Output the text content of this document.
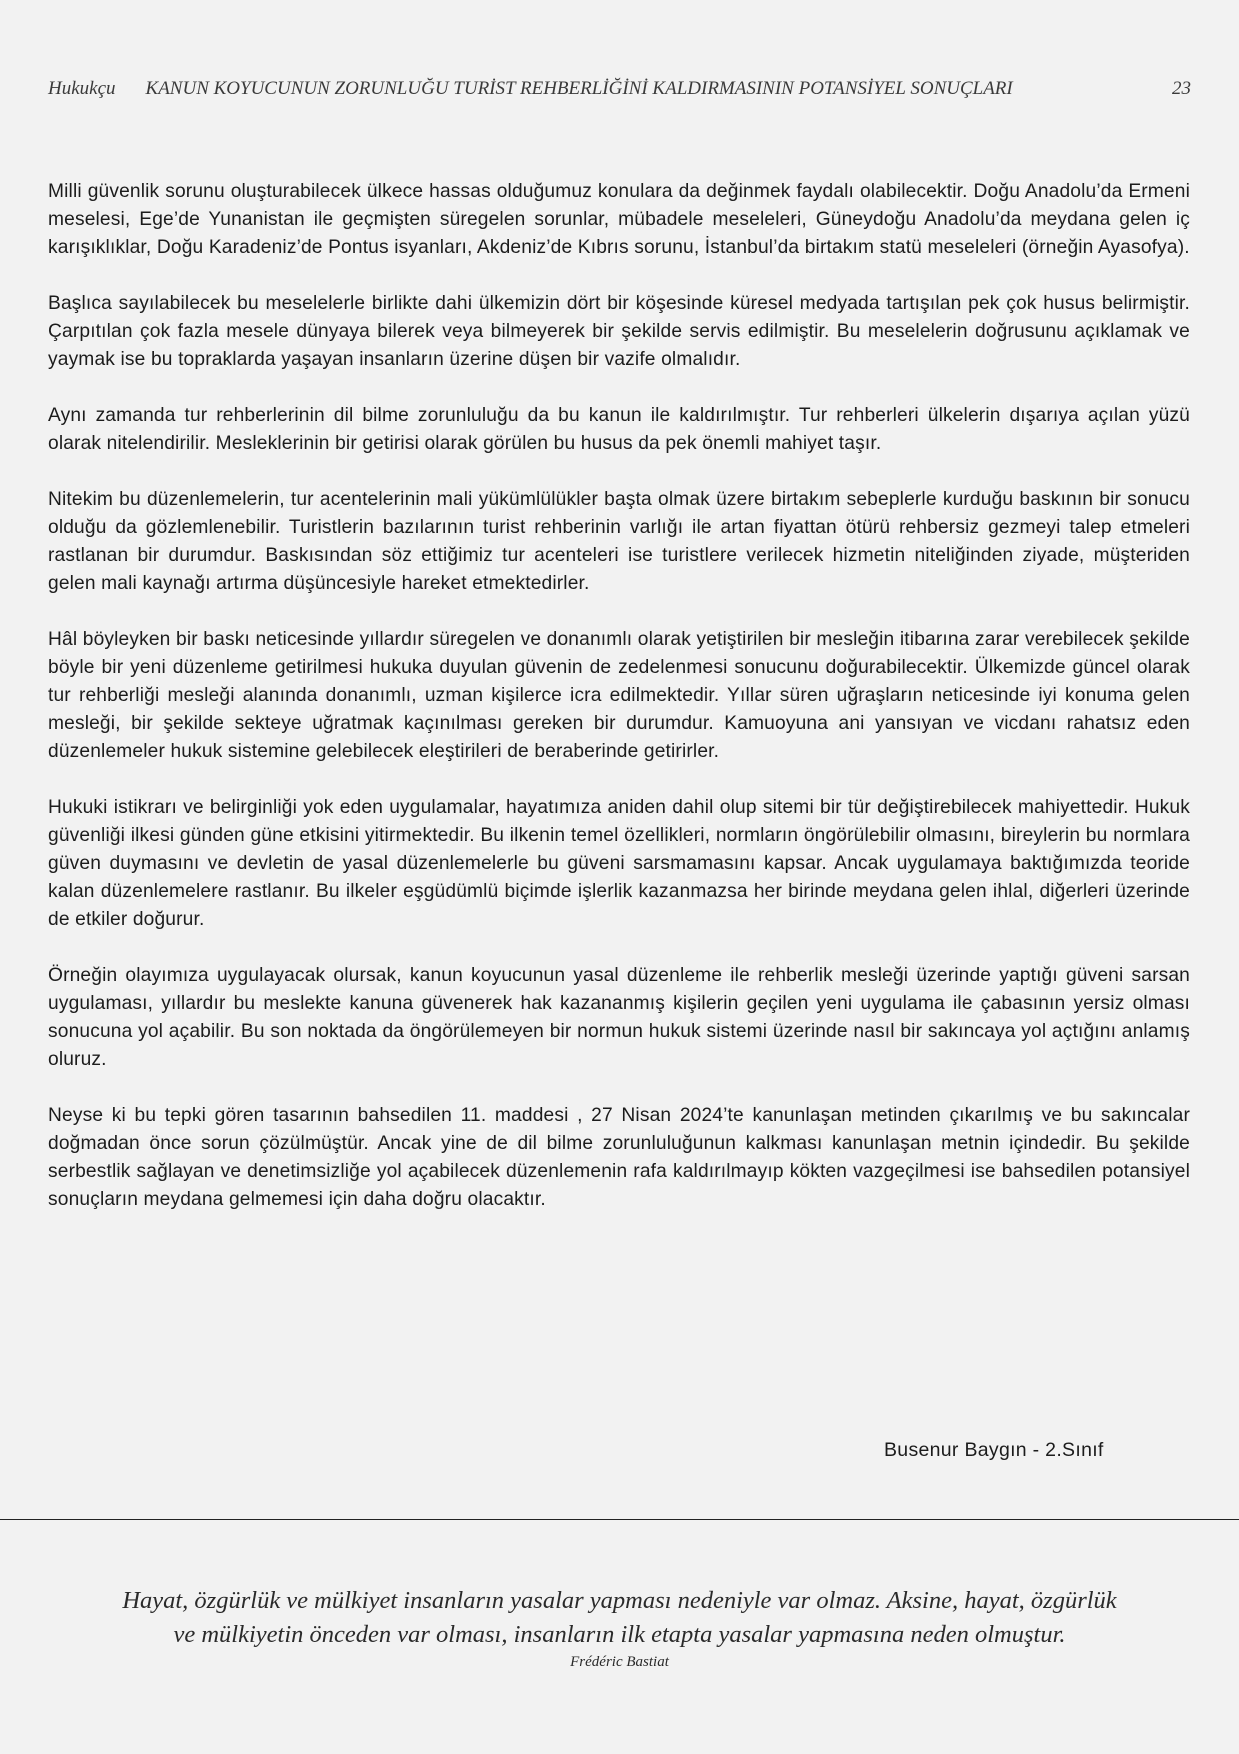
Hukukçu KANUN KOYUCUNUN ZORUNLUĞU TURİST REHBERLİĞİNİ KALDIRMASININ POTANSİYEL SONUÇLARI	23

Milli güvenlik sorunu oluşturabilecek ülkece hassas olduğumuz konulara da değinmek faydalı olabilecektir. Doğu Anadolu’da Ermeni meselesi, Ege’de Yunanistan ile geçmişten süregelen sorunlar, mübadele meseleleri, Güneydoğu Anadolu’da meydana gelen iç karışıklıklar, Doğu Karadeniz’de Pontus isyanları, Akdeniz’de Kıbrıs sorunu, İstanbul’da birtakım statü meseleleri (örneğin Ayasofya).

Başlıca sayılabilecek bu meselelerle birlikte dahi ülkemizin dört bir köşesinde küresel medyada tartışılan pek çok husus belirmiştir. Çarpıtılan çok fazla mesele dünyaya bilerek veya bilmeyerek bir şekilde servis edilmiştir. Bu meselelerin doğrusunu açıklamak ve yaymak ise bu topraklarda yaşayan insanların üzerine düşen bir vazife olmalıdır.

Aynı zamanda tur rehberlerinin dil bilme zorunluluğu da bu kanun ile kaldırılmıştır. Tur rehberleri ülkelerin dışarıya açılan yüzü olarak nitelendirilir. Mesleklerinin bir getirisi olarak görülen bu husus da pek önemli mahiyet taşır.

Nitekim bu düzenlemelerin, tur acentelerinin mali yükümlülükler başta olmak üzere birtakım sebeplerle kurduğu baskının bir sonucu olduğu da gözlemlenebilir. Turistlerin bazılarının turist rehberinin varlığı ile artan fiyattan ötürü rehbersiz gezmeyi talep etmeleri rastlanan bir durumdur. Baskısından söz ettiğimiz tur acenteleri ise turistlere verilecek hizmetin niteliğinden ziyade, müşteriden gelen mali kaynağı artırma düşüncesiyle hareket etmektedirler.

Hâl böyleyken bir baskı neticesinde yıllardır süregelen ve donanımlı olarak yetiştirilen bir mesleğin itibarına zarar verebilecek şekilde böyle bir yeni düzenleme getirilmesi hukuka duyulan güvenin de zedelenmesi sonucunu doğurabilecektir. Ülkemizde güncel olarak tur rehberliği mesleği alanında donanımlı, uzman kişilerce icra edilmektedir. Yıllar süren uğraşların neticesinde iyi konuma gelen mesleği, bir şekilde sekteye uğratmak kaçınılması gereken bir durumdur. Kamuoyuna ani yansıyan ve vicdanı rahatsız eden düzenlemeler hukuk sistemine gelebilecek eleştirileri de beraberinde getirirler.

Hukuki istikrarı ve belirginliği yok eden uygulamalar, hayatımıza aniden dahil olup sitemi bir tür değiştirebilecek mahiyettedir. Hukuk güvenliği ilkesi günden güne etkisini yitirmektedir. Bu ilkenin temel özellikleri, normların öngörülebilir olmasını, bireylerin bu normlara güven duymasını ve devletin de yasal düzenlemelerle bu güveni sarsmamasını kapsar. Ancak uygulamaya baktığımızda teoride kalan düzenlemelere rastlanır. Bu ilkeler eşgüdümlü biçimde işlerlik kazanmazsa her birinde meydana gelen ihlal, diğerleri üzerinde de etkiler doğurur.

Örneğin olayımıza uygulayacak olursak, kanun koyucunun yasal düzenleme ile rehberlik mesleği üzerinde yaptığı güveni sarsan uygulaması, yıllardır bu meslekte kanuna güvenerek hak kazananmış kişilerin geçilen yeni uygulama ile çabasının yersiz olması sonucuna yol açabilir. Bu son noktada da öngörülemeyen bir normun hukuk sistemi üzerinde nasıl bir sakıncaya yol açtığını anlamış oluruz.

Neyse ki bu tepki gören tasarının bahsedilen 11. maddesi , 27 Nisan 2024’te kanunlaşan metinden çıkarılmış ve bu sakıncalar doğmadan önce sorun çözülmüştür. Ancak yine de dil bilme zorunluluğunun kalkması kanunlaşan metnin içindedir. Bu şekilde serbestlik sağlayan ve denetimsizliğe yol açabilecek düzenlemenin rafa kaldırılmayıp kökten vazgeçilmesi ise bahsedilen potansiyel sonuçların meydana gelmemesi için daha doğru olacaktır.

Busenur Baygın - 2.Sınıf
Hayat, özgürlük ve mülkiyet insanların yasalar yapması nedeniyle var olmaz. Aksine, hayat, özgürlük
ve mülkiyetin önceden var olması, insanların ilk etapta yasalar yapmasına neden olmuştur.
Frédéric Bastiat
